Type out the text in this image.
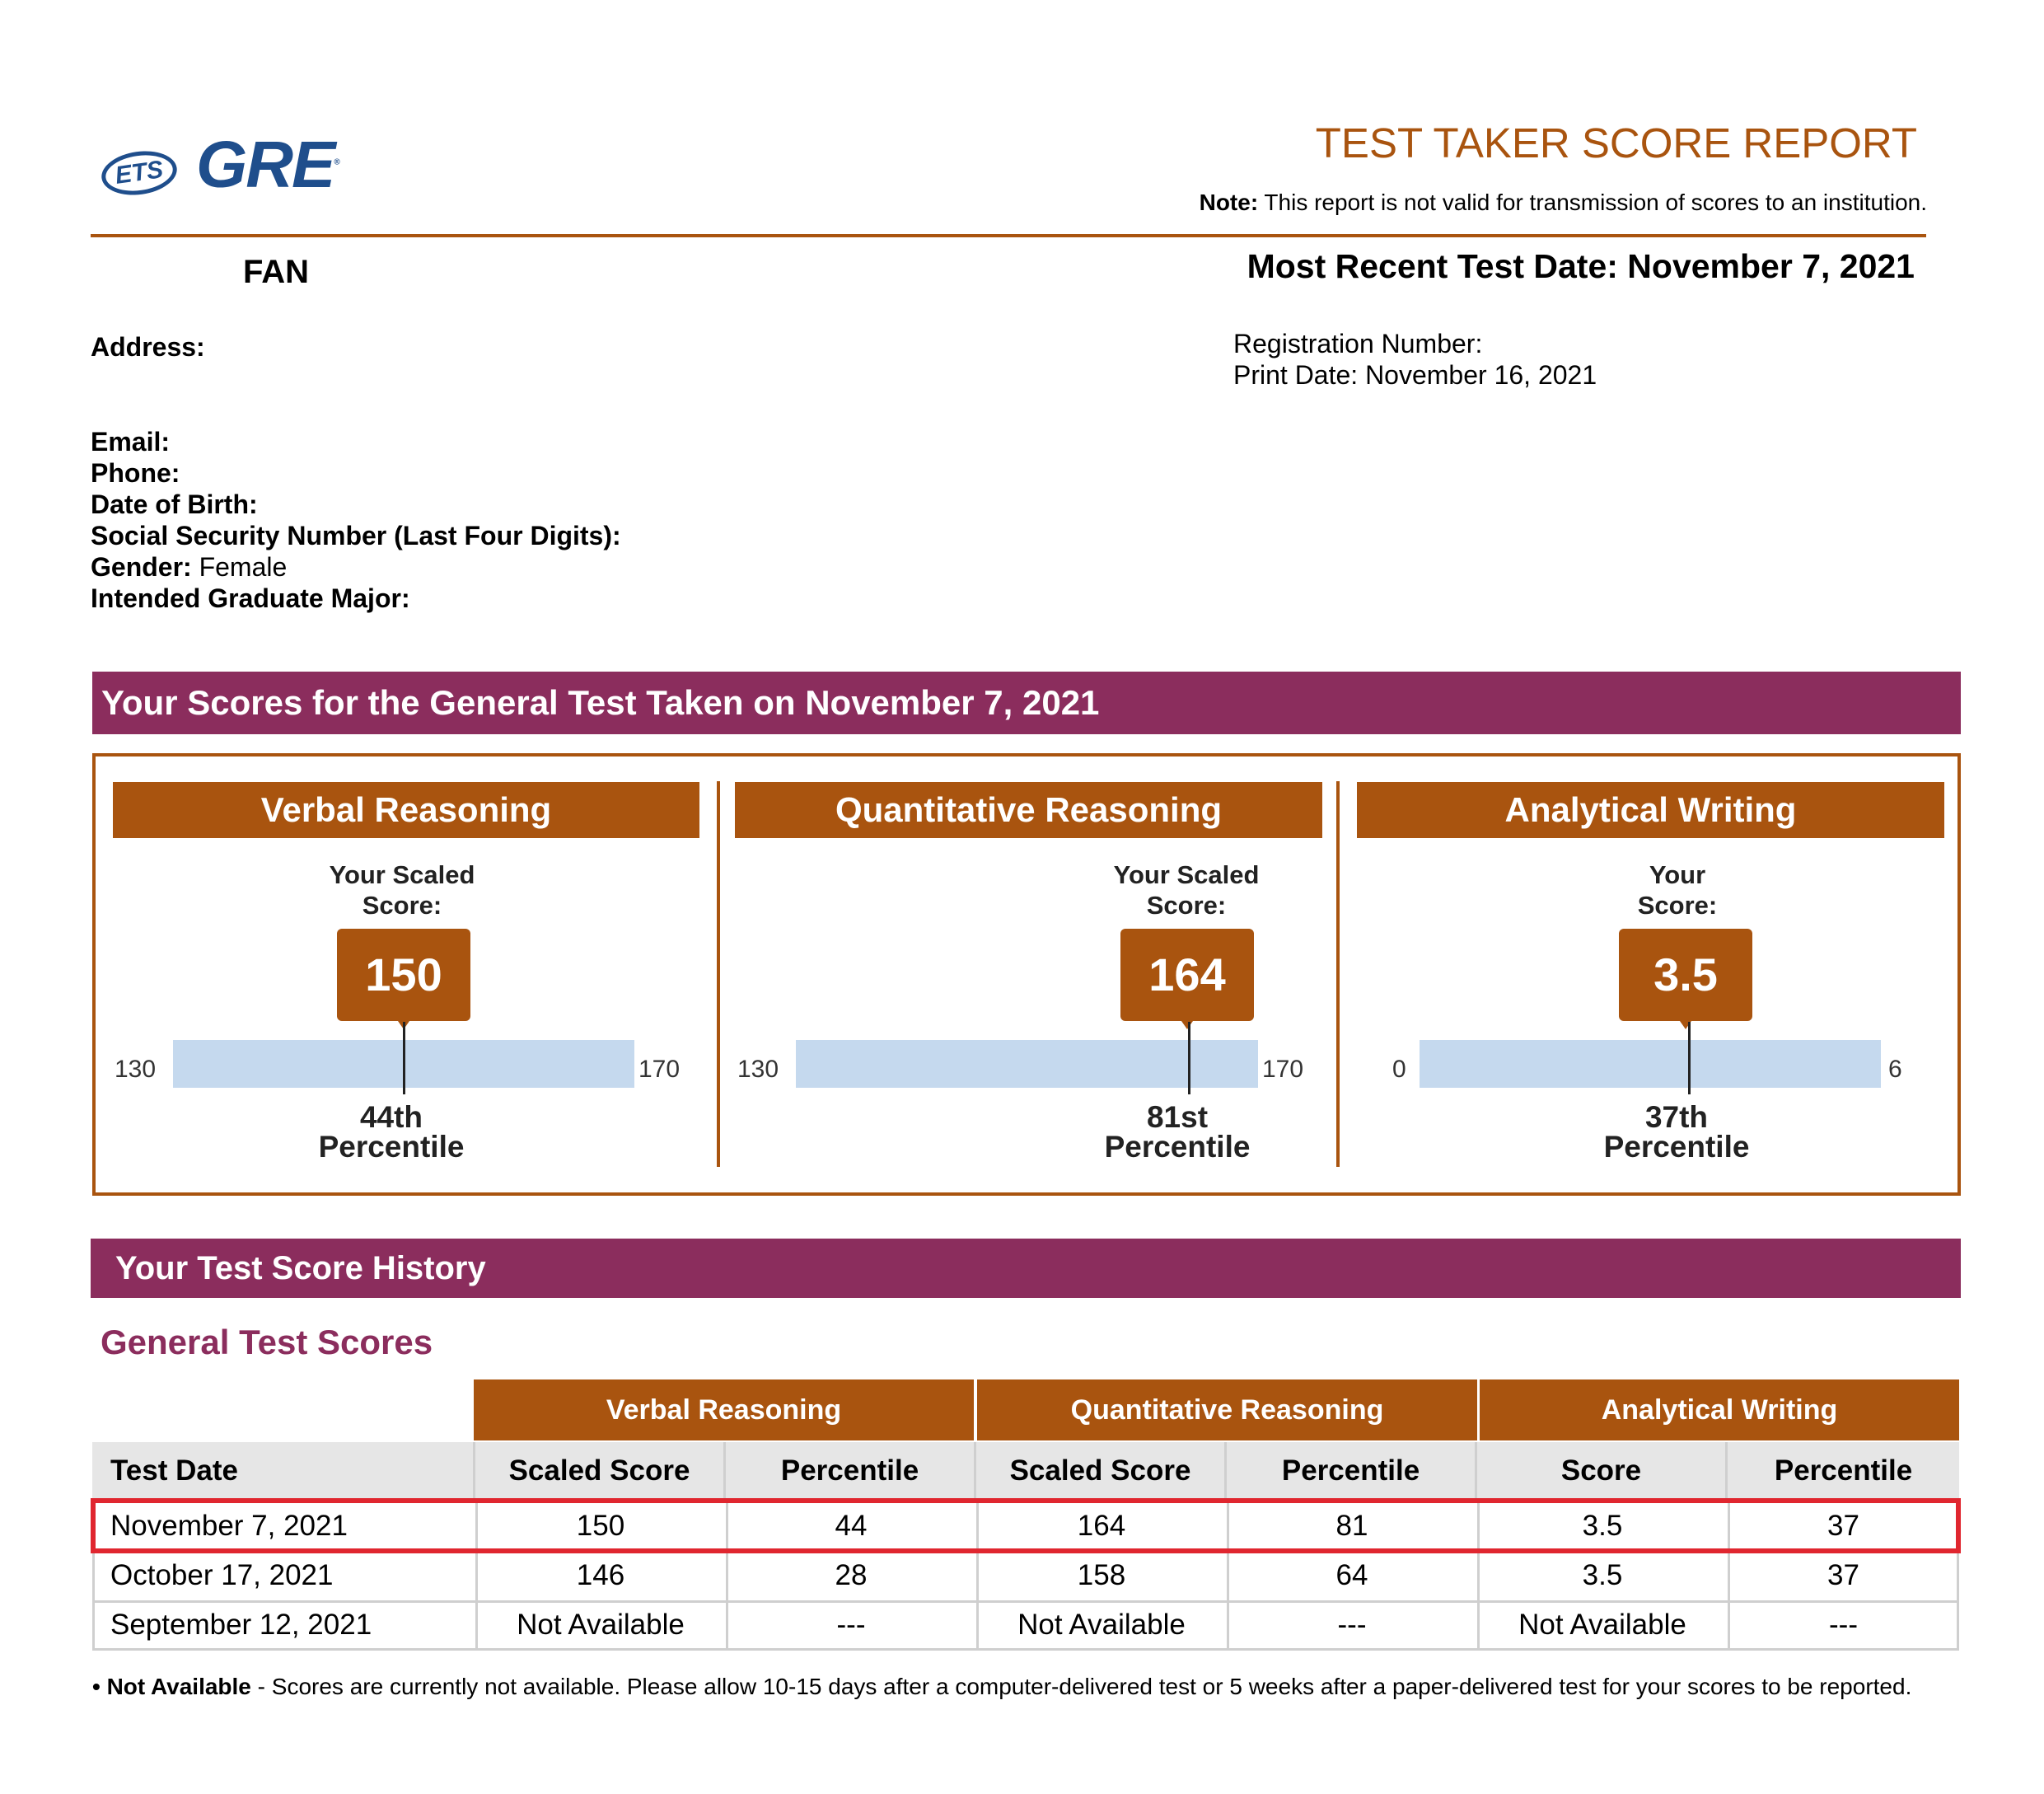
ETS GRE®	TEST TAKER SCORE REPORT
Note: This report is not valid for transmission of scores to an institution.
FAN	Most Recent Test Date: November 7, 2021
Address:	Registration Number:
Print Date: November 16, 2021
Email:
Phone:
Date of Birth:
Social Security Number (Last Four Digits):
Gender: Female
Intended Graduate Major:
Your Scores for the General Test Taken on November 7, 2021
Verbal Reasoning
Your Scaled
Score:
150
130	170
44th
Percentile
Quantitative Reasoning
Your Scaled
Score:
164
130	170
81st
Percentile
Analytical Writing
Your
Score:
3.5
0	6
37th
Percentile
Your Test Score History
General Test Scores
Verbal Reasoning	Quantitative Reasoning	Analytical Writing
Test Date	Scaled Score	Percentile	Scaled Score	Percentile	Score	Percentile
November 7, 2021	150	44	164	81	3.5	37
October 17, 2021	146	28	158	64	3.5	37
September 12, 2021	Not Available	---	Not Available	---	Not Available	---
• Not Available - Scores are currently not available. Please allow 10-15 days after a computer-delivered test or 5 weeks after a paper-delivered test for your scores to be reported.
